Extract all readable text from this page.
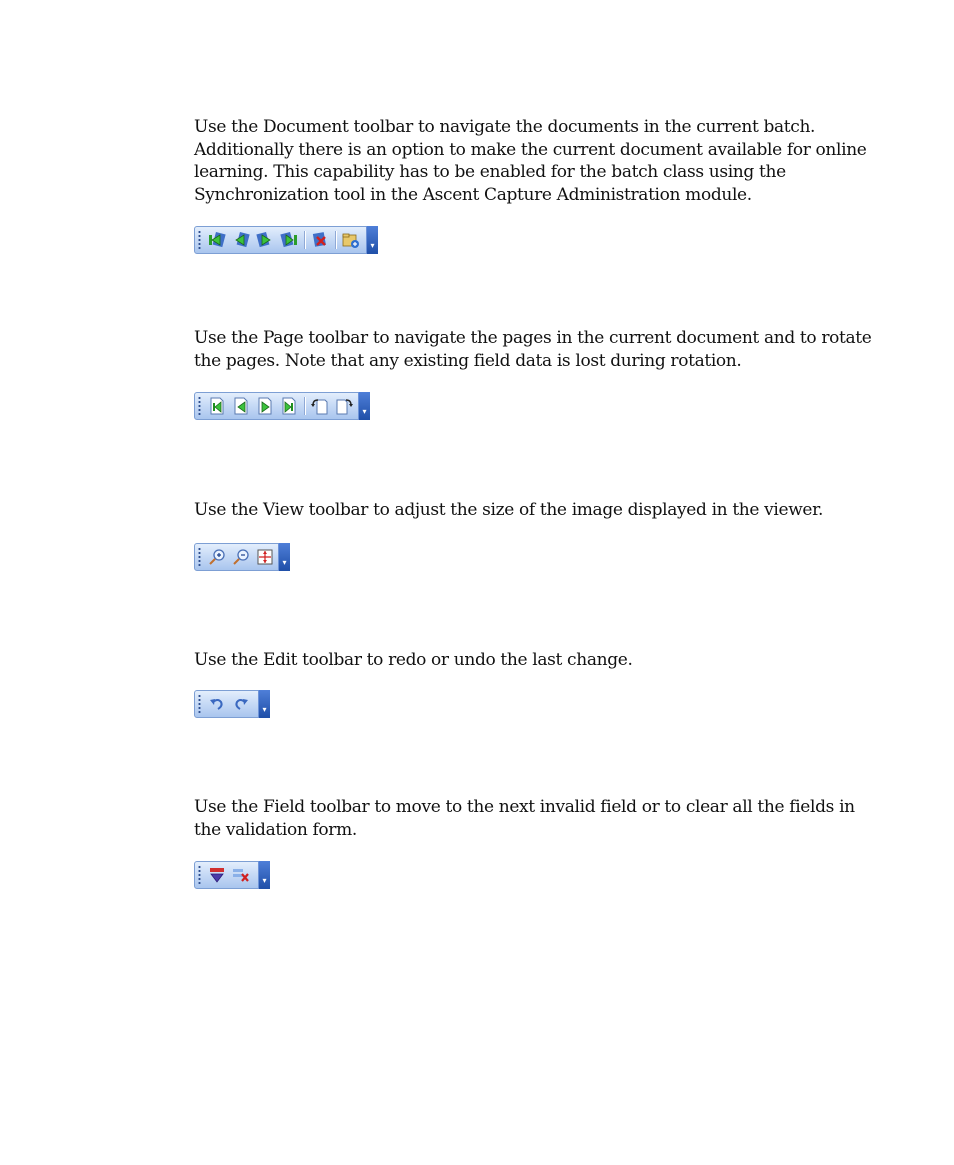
Use the Document toolbar to navigate the documents in the current batch. Additionally there is an option to make the current document available for online learning. This capability has to be enabled for the batch class using the Synchronization tool in the Ascent Capture Administration module.

▾

Use the Page toolbar to navigate the pages in the current document and to rotate the pages. Note that any existing field data is lost during rotation.

▾

Use the View toolbar to adjust the size of the image displayed in the viewer.

▾

Use the Edit toolbar to redo or undo the last change.

▾

Use the Field toolbar to move to the next invalid field or to clear all the fields in the validation form.

▾
